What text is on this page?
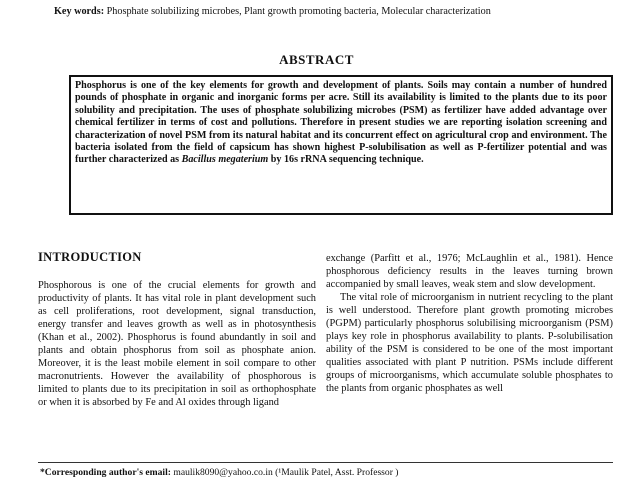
Key words: Phosphate solubilizing microbes, Plant growth promoting bacteria, Molecular characterization
ABSTRACT

Phosphorus is one of the key elements for growth and development of plants. Soils may contain a number of hundred pounds of phosphate in organic and inorganic forms per acre. Still its availability is limited to the plants due to its poor solubility and precipitation. The uses of phosphate solubilizing microbes (PSM) as fertilizer have added advantage over chemical fertilizer in terms of cost and pollutions. Therefore in present studies we are reporting isolation screening and characterization of novel PSM from its natural habitat and its concurrent effect on agricultural crop and environment. The bacteria isolated from the field of capsicum has shown highest P-solubilisation as well as P-fertilizer potential and was further characterized as Bacillus megaterium by 16s rRNA sequencing technique.

INTRODUCTION

Phosphorous is one of the crucial elements for growth and productivity of plants. It has vital role in plant development such as cell proliferations, root development, signal transduction, energy transfer and leaves growth as well as in photosynthesis (Khan et al., 2002). Phosphorus is found abundantly in soil and plants and obtain phosphorus from soil as phosphate anion. Moreover, it is the least mobile element in soil compare to other macronutrients. However the availability of phosphorous is limited to plants due to its precipitation in soil as orthophosphate or when it is absorbed by Fe and Al oxides through ligand

exchange (Parfitt et al., 1976; McLaughlin et al., 1981). Hence phosphorous deficiency results in the leaves turning brown accompanied by small leaves, weak stem and slow development.

The vital role of microorganism in nutrient recycling to the plant is well understood. Therefore plant growth promoting microbes (PGPM) particularly phosphorus solubilising microorganism (PSM) plays key role in phosphorus availability to plants. P-solubilisation ability of the PSM is considered to be one of the most important qualities associated with plant P nutrition. PSMs include different groups of microorganisms, which accumulate soluble phosphates to the plants from organic phosphates as well

*Corresponding author's email: maulik8090@yahoo.co.in (¹Maulik Patel, Asst. Professor )
